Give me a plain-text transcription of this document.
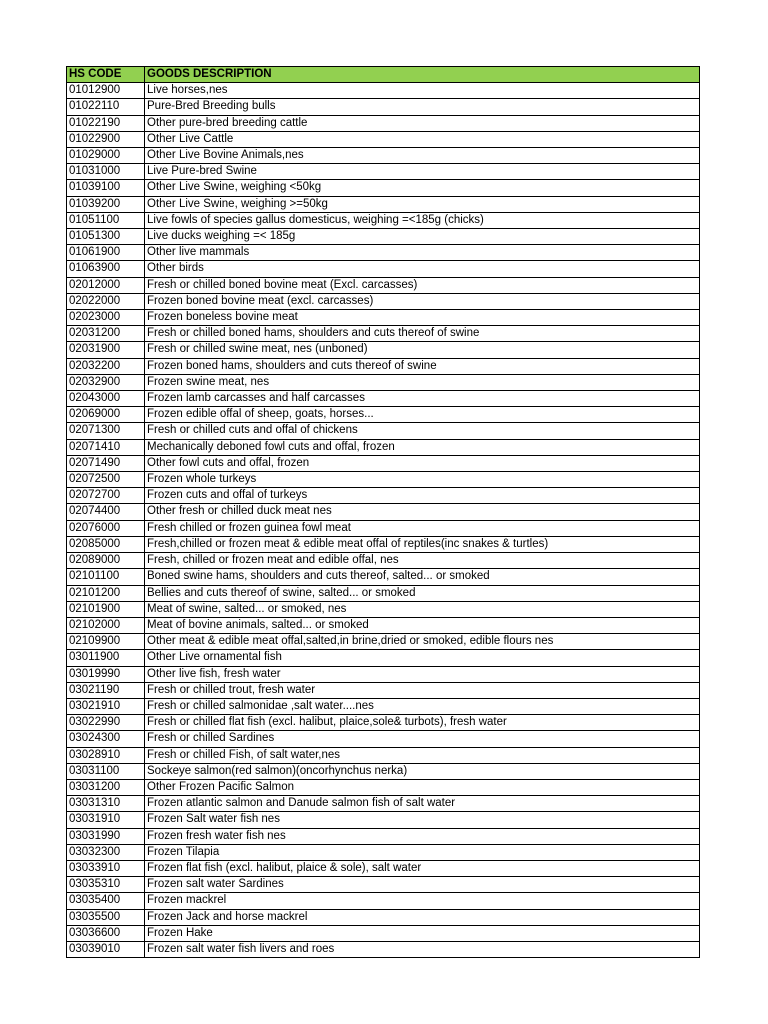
HS CODE	GOODS DESCRIPTION
01012900	Live horses,nes
01022110	Pure-Bred Breeding bulls
01022190	Other pure-bred breeding cattle
01022900	Other Live Cattle
01029000	Other Live Bovine Animals,nes
01031000	Live Pure-bred Swine
01039100	Other Live Swine, weighing <50kg
01039200	Other Live Swine, weighing >=50kg
01051100	Live fowls of species gallus domesticus, weighing =<185g (chicks)
01051300	Live ducks weighing =< 185g
01061900	Other live mammals
01063900	Other birds
02012000	Fresh or chilled boned bovine meat (Excl. carcasses)
02022000	Frozen boned bovine meat (excl. carcasses)
02023000	Frozen boneless bovine meat
02031200	Fresh or chilled boned hams, shoulders and cuts thereof of swine
02031900	Fresh or chilled swine meat, nes (unboned)
02032200	Frozen boned hams, shoulders and cuts thereof of swine
02032900	Frozen swine meat, nes
02043000	Frozen lamb carcasses and half carcasses
02069000	Frozen edible offal of sheep, goats, horses...
02071300	Fresh or chilled cuts and offal of chickens
02071410	Mechanically deboned fowl cuts and offal, frozen
02071490	Other fowl cuts and offal, frozen
02072500	Frozen whole turkeys
02072700	Frozen cuts and offal of turkeys
02074400	Other fresh or chilled duck meat nes
02076000	Fresh chilled or frozen guinea fowl meat
02085000	Fresh,chilled or frozen meat & edible meat offal of reptiles(inc snakes & turtles)
02089000	Fresh, chilled or frozen meat and edible offal, nes
02101100	Boned swine hams, shoulders and cuts thereof, salted... or smoked
02101200	Bellies and cuts thereof of swine, salted... or smoked
02101900	Meat of swine, salted... or smoked, nes
02102000	Meat of bovine animals, salted... or smoked
02109900	Other meat & edible meat offal,salted,in brine,dried or smoked, edible flours nes
03011900	Other Live ornamental fish
03019990	Other live fish, fresh water
03021190	Fresh or chilled trout, fresh water
03021910	Fresh or chilled salmonidae ,salt water....nes
03022990	Fresh or chilled flat fish (excl. halibut, plaice,sole& turbots), fresh water
03024300	Fresh or chilled Sardines
03028910	Fresh or chilled Fish, of salt water,nes
03031100	Sockeye salmon(red salmon)(oncorhynchus nerka)
03031200	Other Frozen Pacific Salmon
03031310	Frozen atlantic salmon and Danude salmon fish of salt water
03031910	Frozen Salt water fish nes
03031990	Frozen fresh water fish nes
03032300	Frozen Tilapia
03033910	Frozen flat fish (excl. halibut, plaice & sole), salt water
03035310	Frozen salt water Sardines
03035400	Frozen mackrel
03035500	Frozen Jack and horse mackrel
03036600	Frozen Hake
03039010	Frozen salt water fish livers and roes
